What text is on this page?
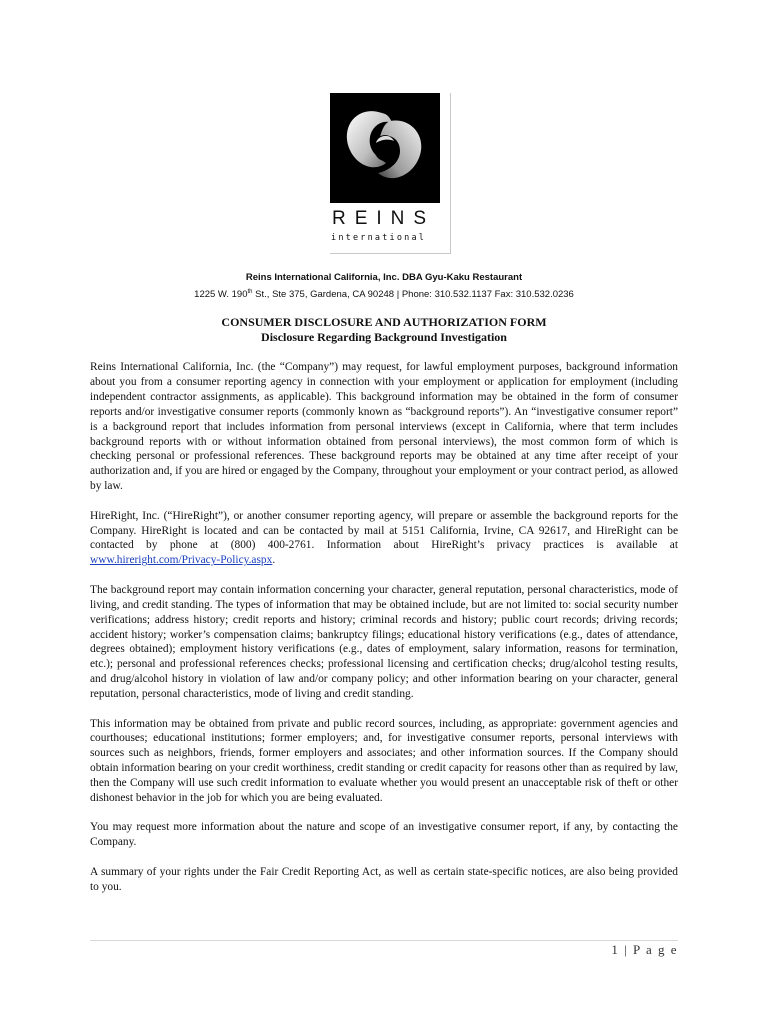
REINS
international
Reins International California, Inc. DBA Gyu-Kaku Restaurant
1225 W. 190th St., Ste 375, Gardena, CA 90248 | Phone: 310.532.1137 Fax: 310.532.0236
CONSUMER DISCLOSURE AND AUTHORIZATION FORM
Disclosure Regarding Background Investigation

Reins International California, Inc. (the “Company”) may request, for lawful employment purposes, background information about you from a consumer reporting agency in connection with your employment or application for employment (including independent contractor assignments, as applicable). This background information may be obtained in the form of consumer reports and/or investigative consumer reports (commonly known as “background reports”). An “investigative consumer report” is a background report that includes information from personal interviews (except in California, where that term includes background reports with or without information obtained from personal interviews), the most common form of which is checking personal or professional references. These background reports may be obtained at any time after receipt of your authorization and, if you are hired or engaged by the Company, throughout your employment or your contract period, as allowed by law.

HireRight, Inc. (“HireRight”), or another consumer reporting agency, will prepare or assemble the background reports for the Company. HireRight is located and can be contacted by mail at 5151 California, Irvine, CA 92617, and HireRight can be contacted by phone at (800) 400-2761. Information about HireRight’s privacy practices is available at www.hireright.com/Privacy-Policy.aspx.

The background report may contain information concerning your character, general reputation, personal characteristics, mode of living, and credit standing. The types of information that may be obtained include, but are not limited to: social security number verifications; address history; credit reports and history; criminal records and history; public court records; driving records; accident history; worker’s compensation claims; bankruptcy filings; educational history verifications (e.g., dates of attendance, degrees obtained); employment history verifications (e.g., dates of employment, salary information, reasons for termination, etc.); personal and professional references checks; professional licensing and certification checks; drug/alcohol testing results, and drug/alcohol history in violation of law and/or company policy; and other information bearing on your character, general reputation, personal characteristics, mode of living and credit standing.

This information may be obtained from private and public record sources, including, as appropriate: government agencies and courthouses; educational institutions; former employers; and, for investigative consumer reports, personal interviews with sources such as neighbors, friends, former employers and associates; and other information sources. If the Company should obtain information bearing on your credit worthiness, credit standing or credit capacity for reasons other than as required by law, then the Company will use such credit information to evaluate whether you would present an unacceptable risk of theft or other dishonest behavior in the job for which you are being evaluated.

You may request more information about the nature and scope of an investigative consumer report, if any, by contacting the Company.

A summary of your rights under the Fair Credit Reporting Act, as well as certain state-specific notices, are also being provided to you.

1 | P a g e
